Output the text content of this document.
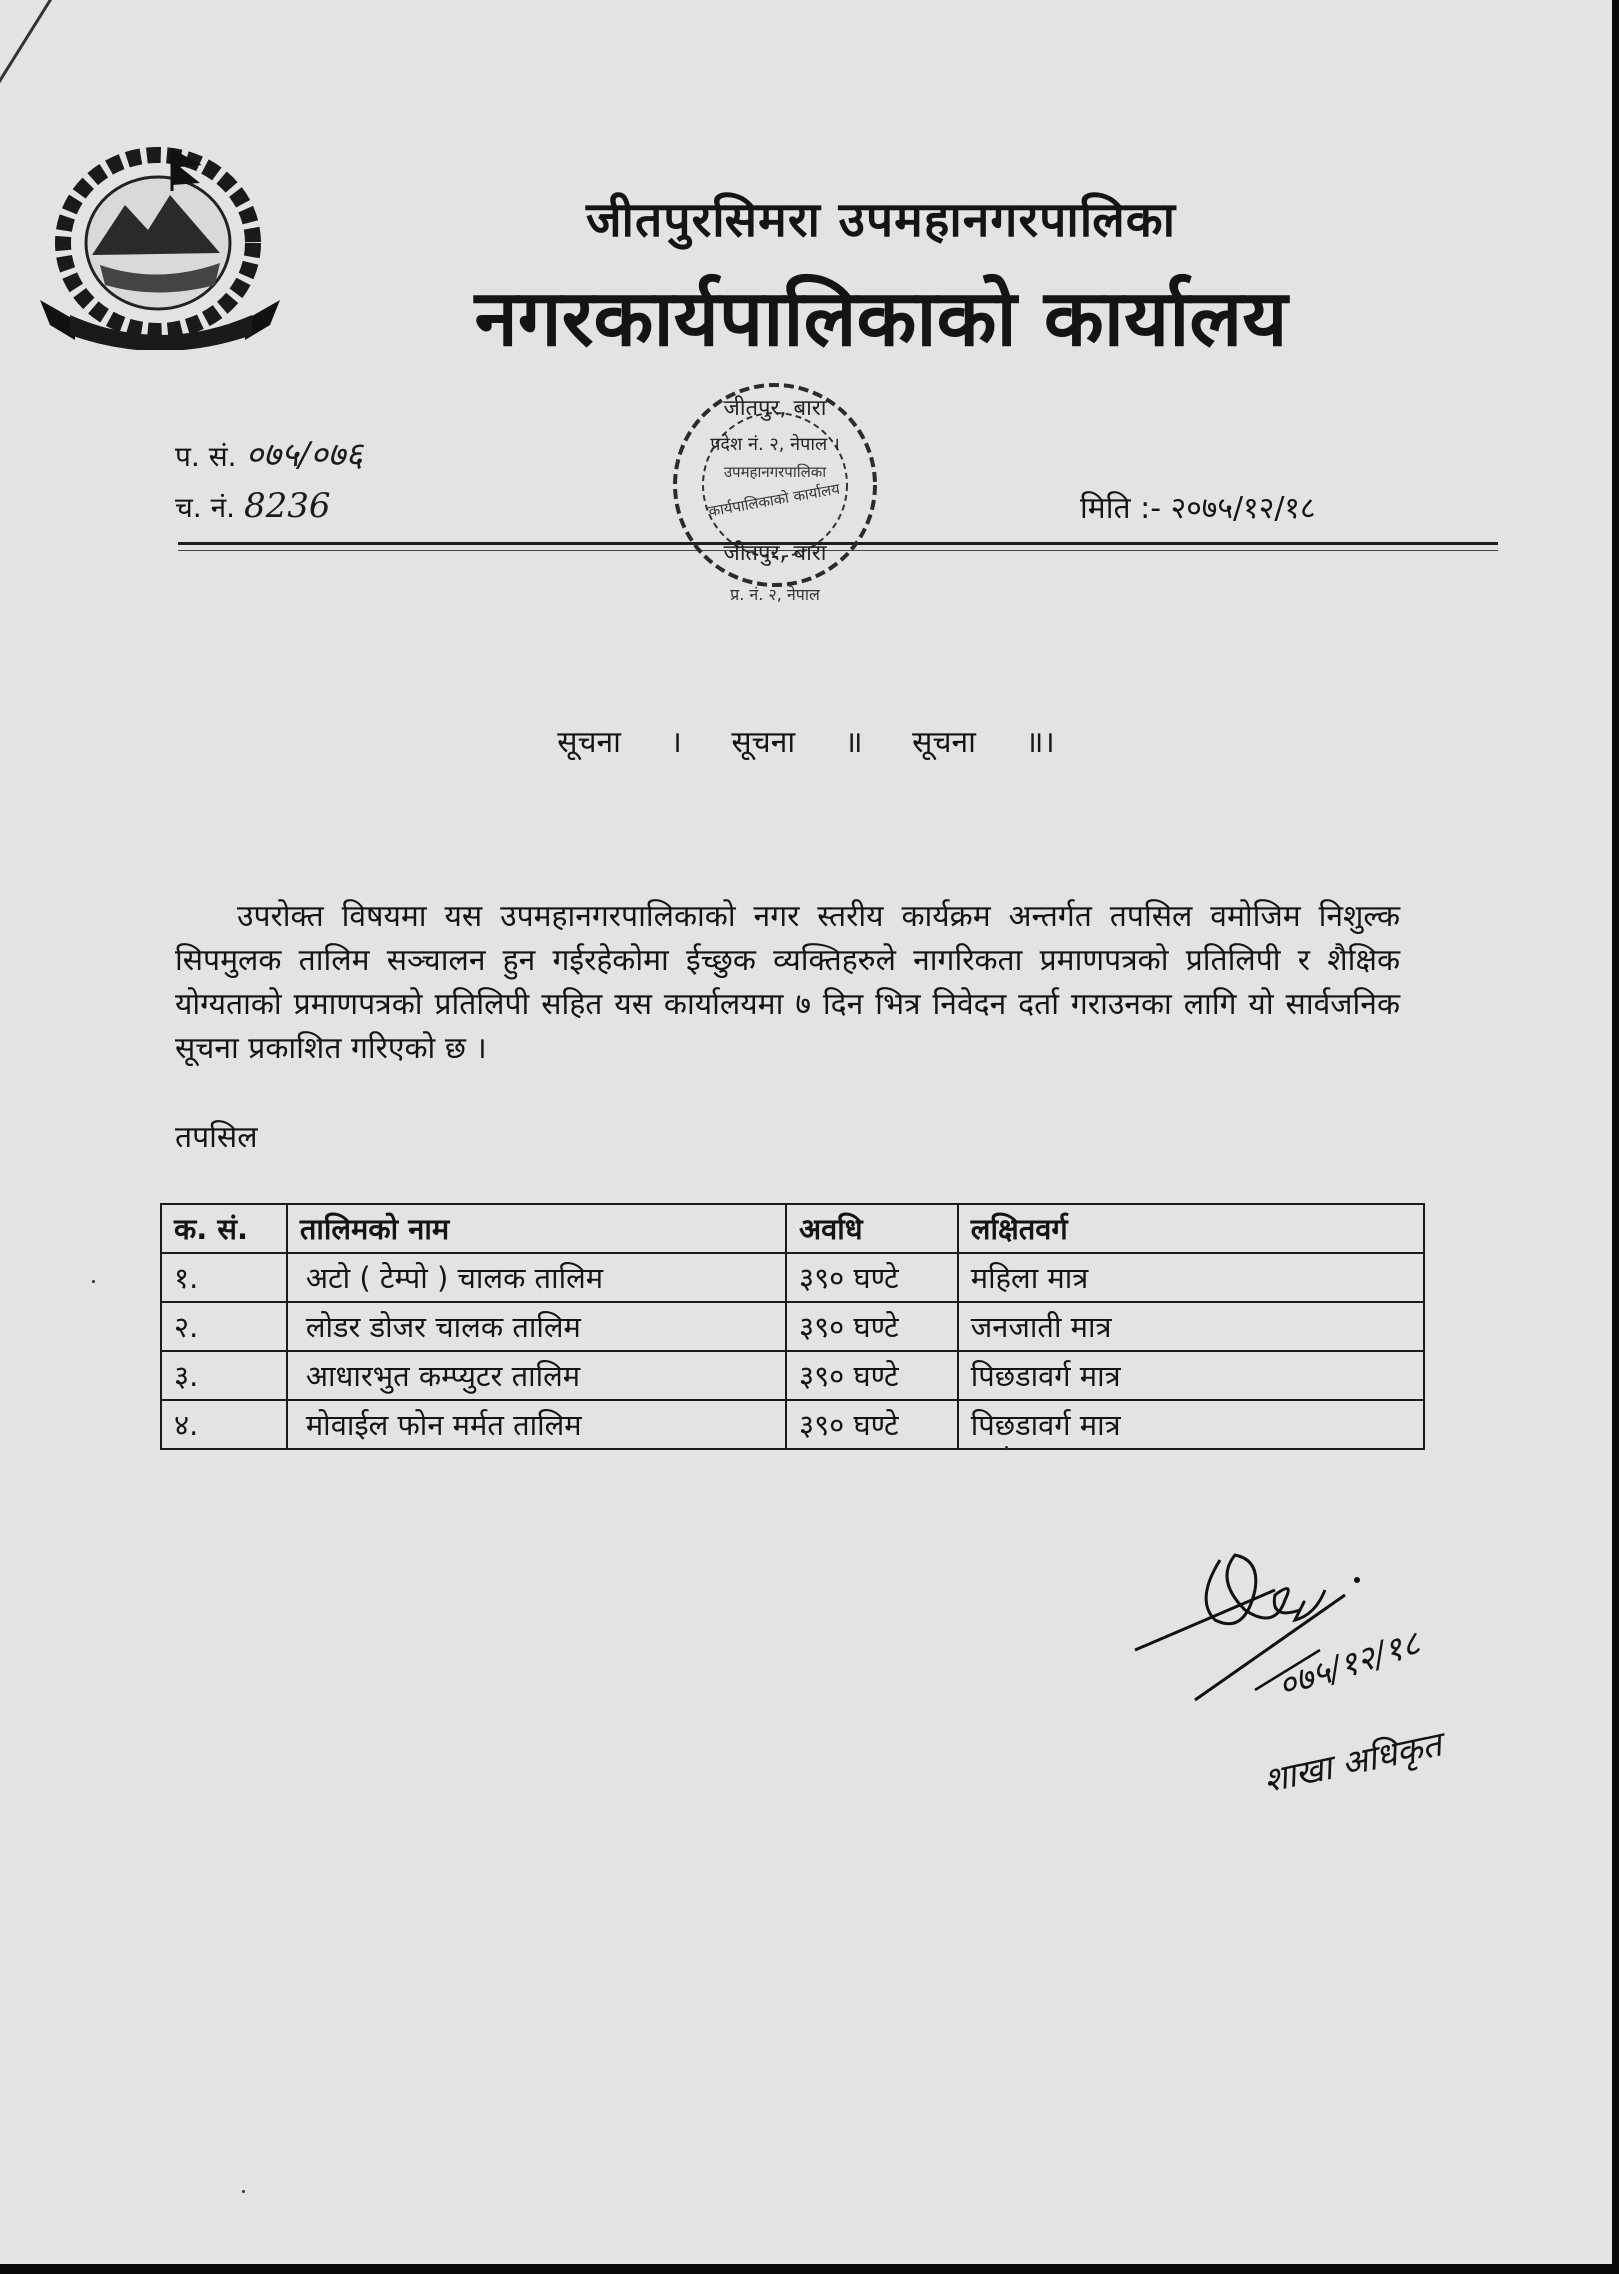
जीतपुरसिमरा उपमहानगरपालिका
नगरकार्यपालिकाको कार्यालय
प. सं. ०७५/०७६
च. नं. 8236	मिति :- २०७५/१२/१८
जीतपुर, बारा
प्रदेश नं. २, नेपाल ।
उपमहानगरपालिका
कार्यपालिकाको कार्यालय
जीतपुर, बारा
प्र. नं. २, नेपाल
सूचना । सूचना ॥ सूचना ॥।
उपरोक्त विषयमा यस उपमहानगरपालिकाको नगर स्तरीय कार्यक्रम अन्तर्गत तपसिल वमोजिम निशुल्क सिपमुलक तालिम सञ्चालन हुन गईरहेकोमा ईच्छुक व्यक्तिहरुले नागरिकता प्रमाणपत्रको प्रतिलिपी र शैक्षिक योग्यताको प्रमाणपत्रको प्रतिलिपी सहित यस कार्यालयमा ७ दिन भित्र निवेदन दर्ता गराउनका लागि यो सार्वजनिक सूचना प्रकाशित गरिएको छ ।
तपसिल
क. सं.	तालिमको नाम	अवधि	लक्षितवर्ग
१.	अटो ( टेम्पो ) चालक तालिम	३९० घण्टे	महिला मात्र
२.	लोडर डोजर चालक तालिम	३९० घण्टे	जनजाती मात्र
३.	आधारभुत कम्प्युटर तालिम	३९० घण्टे	पिछडावर्ग मात्र
४.	मोवाईल फोन मर्मत तालिम	३९० घण्टे	पिछडावर्ग मात्र
०७५/१२/१८
शाखा अधिकृत
